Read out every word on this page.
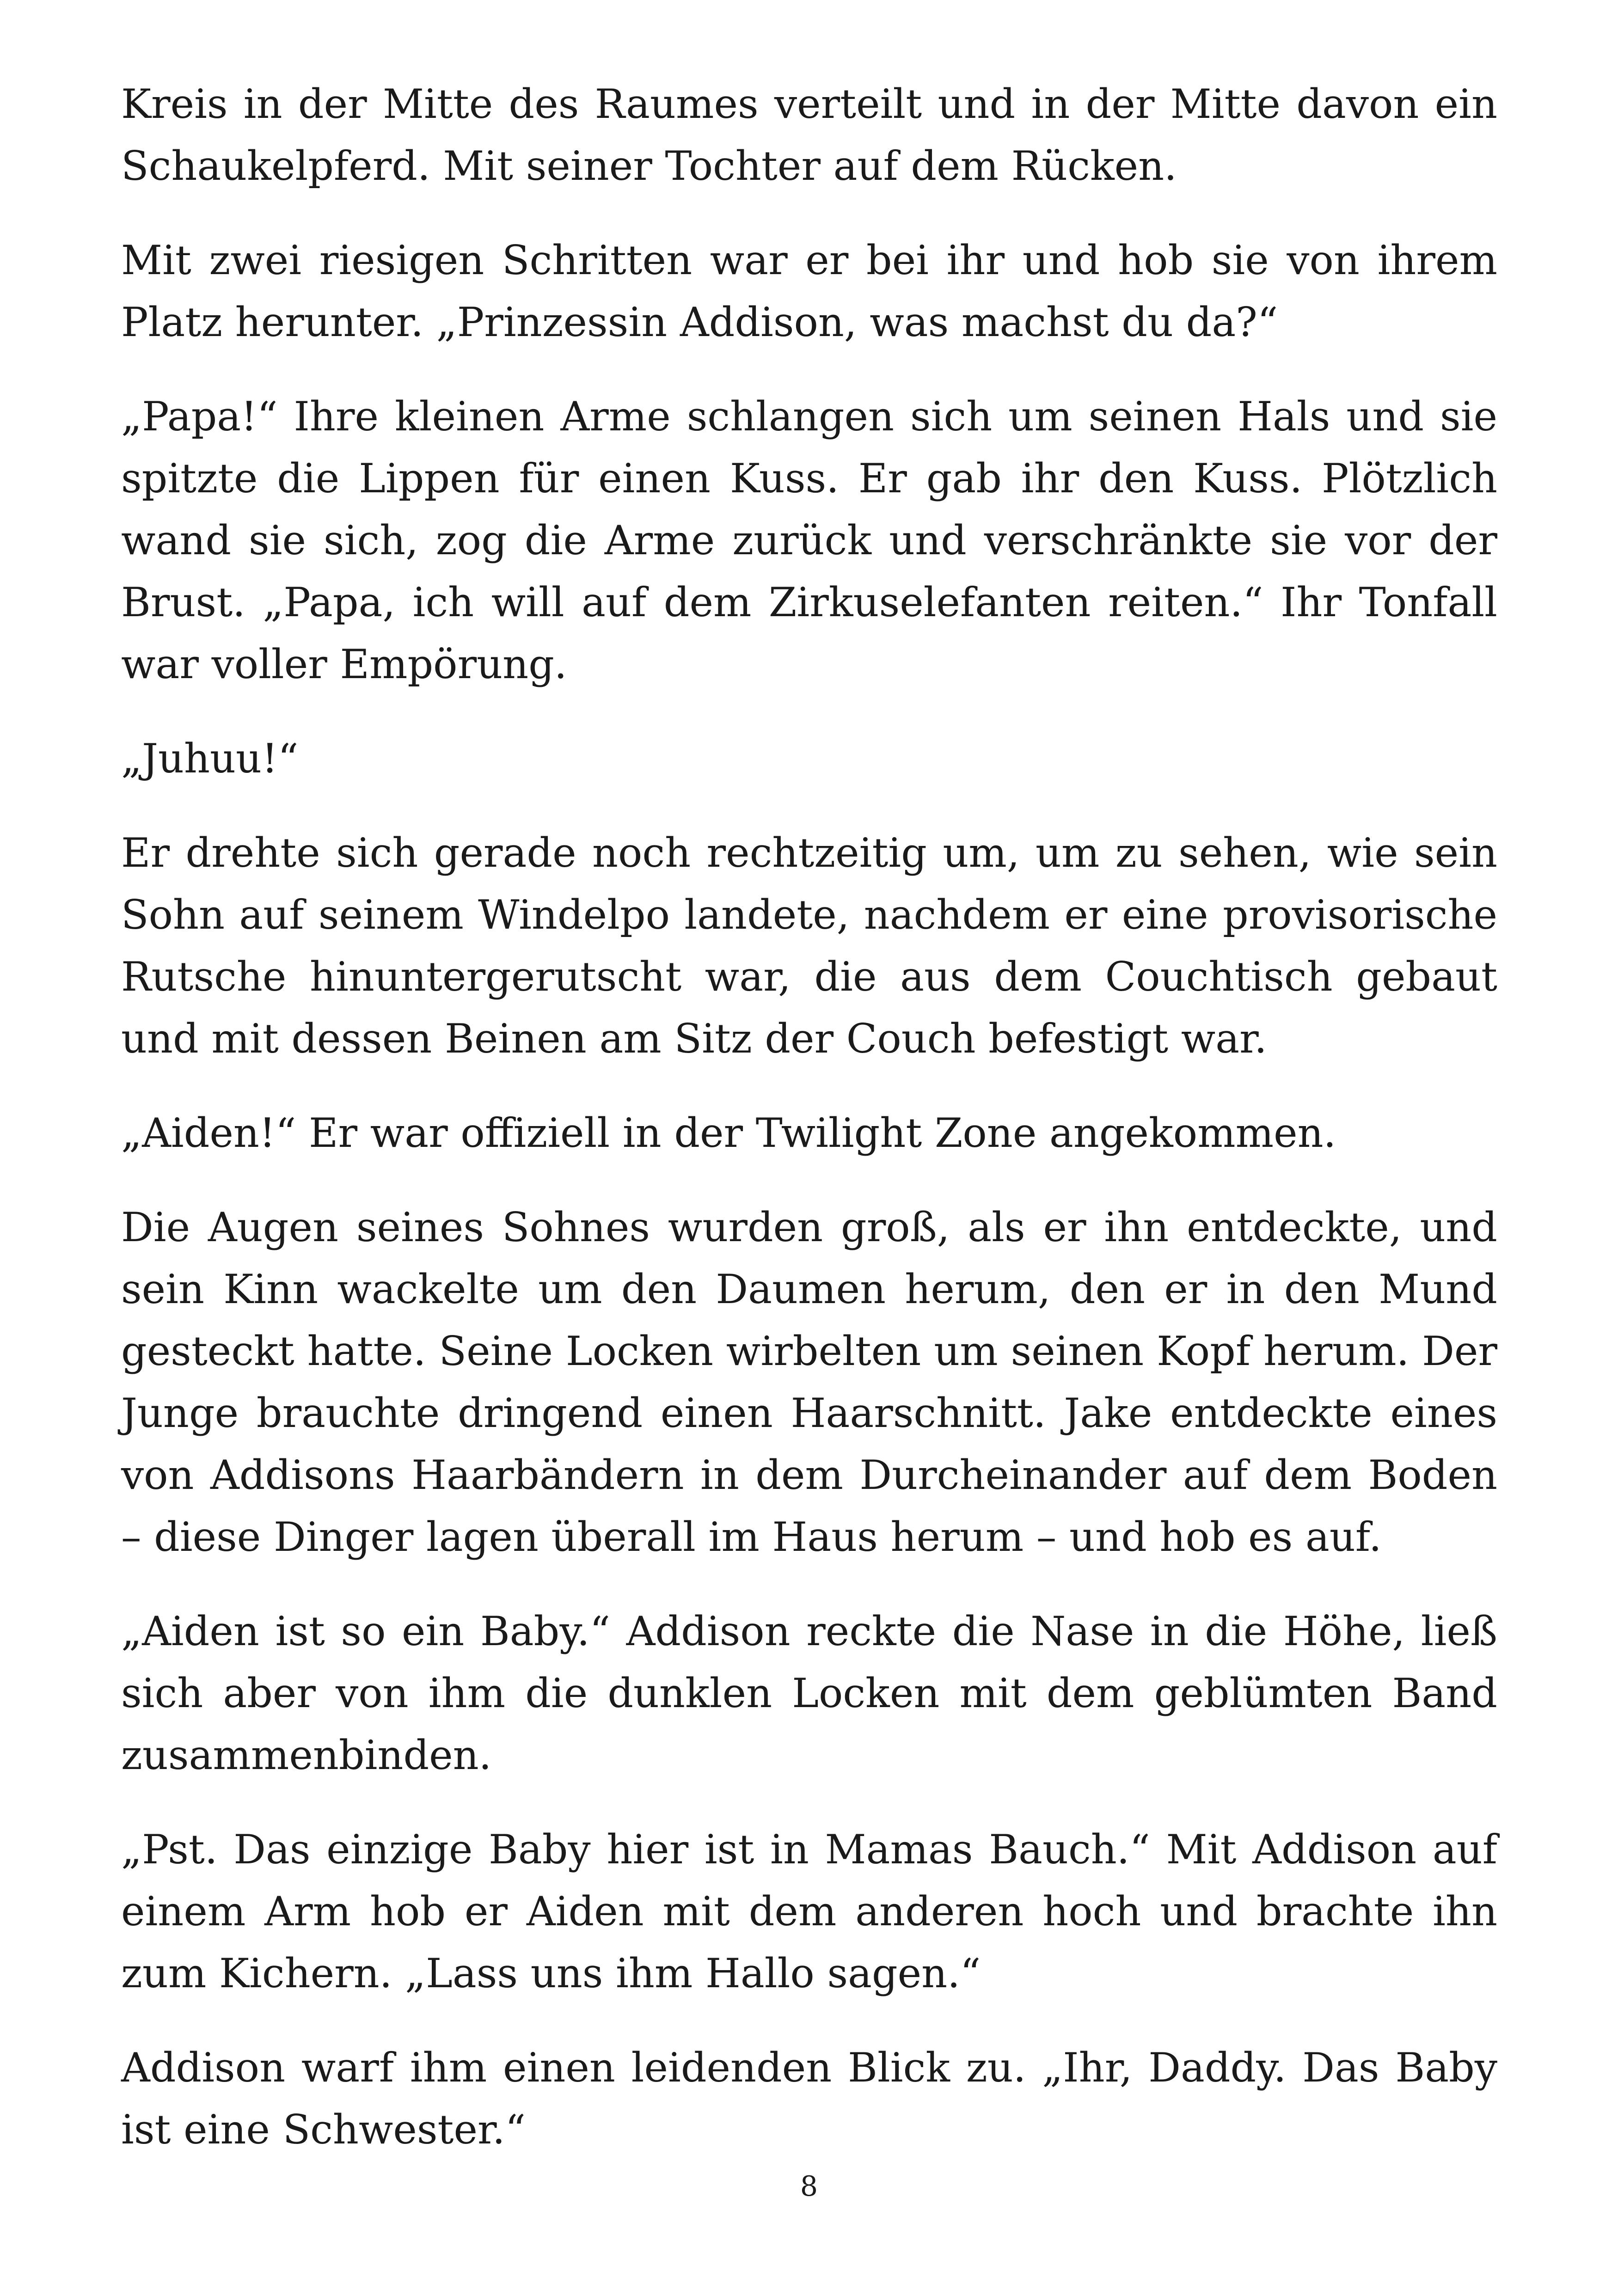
Kreis in der Mitte des Raumes verteilt und in der Mitte davon ein Schaukelpferd. Mit seiner Tochter auf dem Rücken.

Mit zwei riesigen Schritten war er bei ihr und hob sie von ihrem Platz herunter. „Prinzessin Addison, was machst du da?“

„Papa!“ Ihre kleinen Arme schlangen sich um seinen Hals und sie spitzte die Lippen für einen Kuss. Er gab ihr den Kuss. Plötzlich wand sie sich, zog die Arme zurück und verschränkte sie vor der Brust. „Papa, ich will auf dem Zirkuselefanten reiten.“ Ihr Tonfall war voller Empörung.

„Juhuu!“

Er drehte sich gerade noch rechtzeitig um, um zu sehen, wie sein Sohn auf seinem Windelpo landete, nachdem er eine provisorische Rutsche hinuntergerutscht war, die aus dem Couchtisch gebaut und mit dessen Beinen am Sitz der Couch befestigt war.

„Aiden!“ Er war offiziell in der Twilight Zone angekommen.

Die Augen seines Sohnes wurden groß, als er ihn entdeckte, und sein Kinn wackelte um den Daumen herum, den er in den Mund gesteckt hatte. Seine Locken wirbelten um seinen Kopf herum. Der Junge brauchte dringend einen Haarschnitt. Jake entdeckte eines von Addisons Haarbändern in dem Durcheinander auf dem Boden – diese Dinger lagen überall im Haus herum – und hob es auf.

„Aiden ist so ein Baby.“ Addison reckte die Nase in die Höhe, ließ sich aber von ihm die dunklen Locken mit dem geblümten Band zusammenbinden.

„Pst. Das einzige Baby hier ist in Mamas Bauch.“ Mit Addison auf einem Arm hob er Aiden mit dem anderen hoch und brachte ihn zum Kichern. „Lass uns ihm Hallo sagen.“

Addison warf ihm einen leidenden Blick zu. „Ihr, Daddy. Das Baby ist eine Schwester.“

8
